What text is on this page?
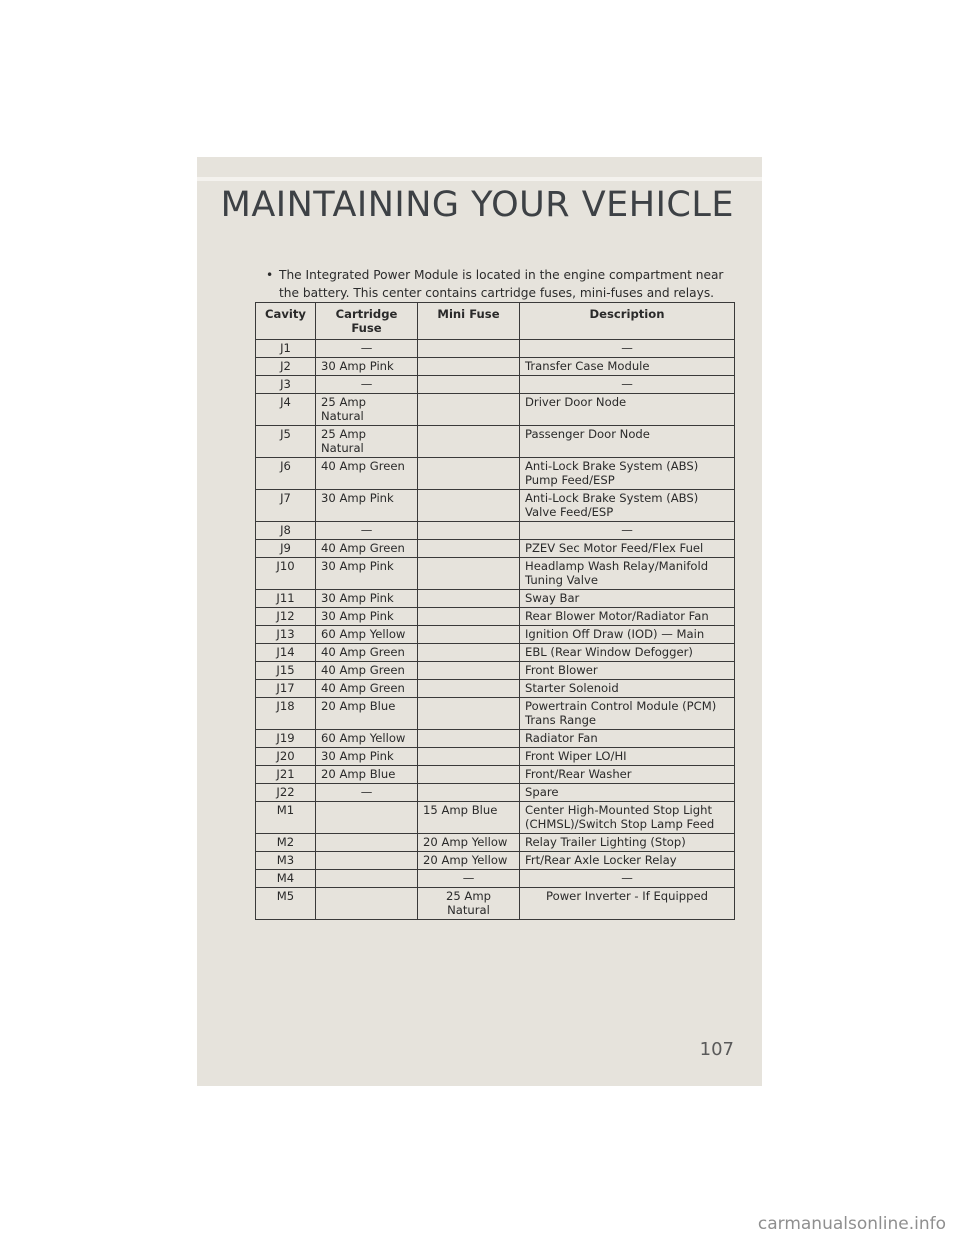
MAINTAINING YOUR VEHICLE
• The Integrated Power Module is located in the engine compartment near the battery. This center contains cartridge fuses, mini-fuses and relays.
Cavity	Cartridge Fuse	Mini Fuse	Description
J1	—		—
J2	30 Amp Pink		Transfer Case Module
J3	—		—
J4	25 Amp Natural		Driver Door Node
J5	25 Amp Natural		Passenger Door Node
J6	40 Amp Green		Anti-Lock Brake System (ABS) Pump Feed/ESP
J7	30 Amp Pink		Anti-Lock Brake System (ABS) Valve Feed/ESP
J8	—		—
J9	40 Amp Green		PZEV Sec Motor Feed/Flex Fuel
J10	30 Amp Pink		Headlamp Wash Relay/Manifold Tuning Valve
J11	30 Amp Pink		Sway Bar
J12	30 Amp Pink		Rear Blower Motor/Radiator Fan
J13	60 Amp Yellow		Ignition Off Draw (IOD) — Main
J14	40 Amp Green		EBL (Rear Window Defogger)
J15	40 Amp Green		Front Blower
J17	40 Amp Green		Starter Solenoid
J18	20 Amp Blue		Powertrain Control Module (PCM) Trans Range
J19	60 Amp Yellow		Radiator Fan
J20	30 Amp Pink		Front Wiper LO/HI
J21	20 Amp Blue		Front/Rear Washer
J22	—		Spare
M1		15 Amp Blue	Center High-Mounted Stop Light (CHMSL)/Switch Stop Lamp Feed
M2		20 Amp Yellow	Relay Trailer Lighting (Stop)
M3		20 Amp Yellow	Frt/Rear Axle Locker Relay
M4		—	—
M5		25 Amp Natural	Power Inverter - If Equipped
107
carmanualsonline.info
